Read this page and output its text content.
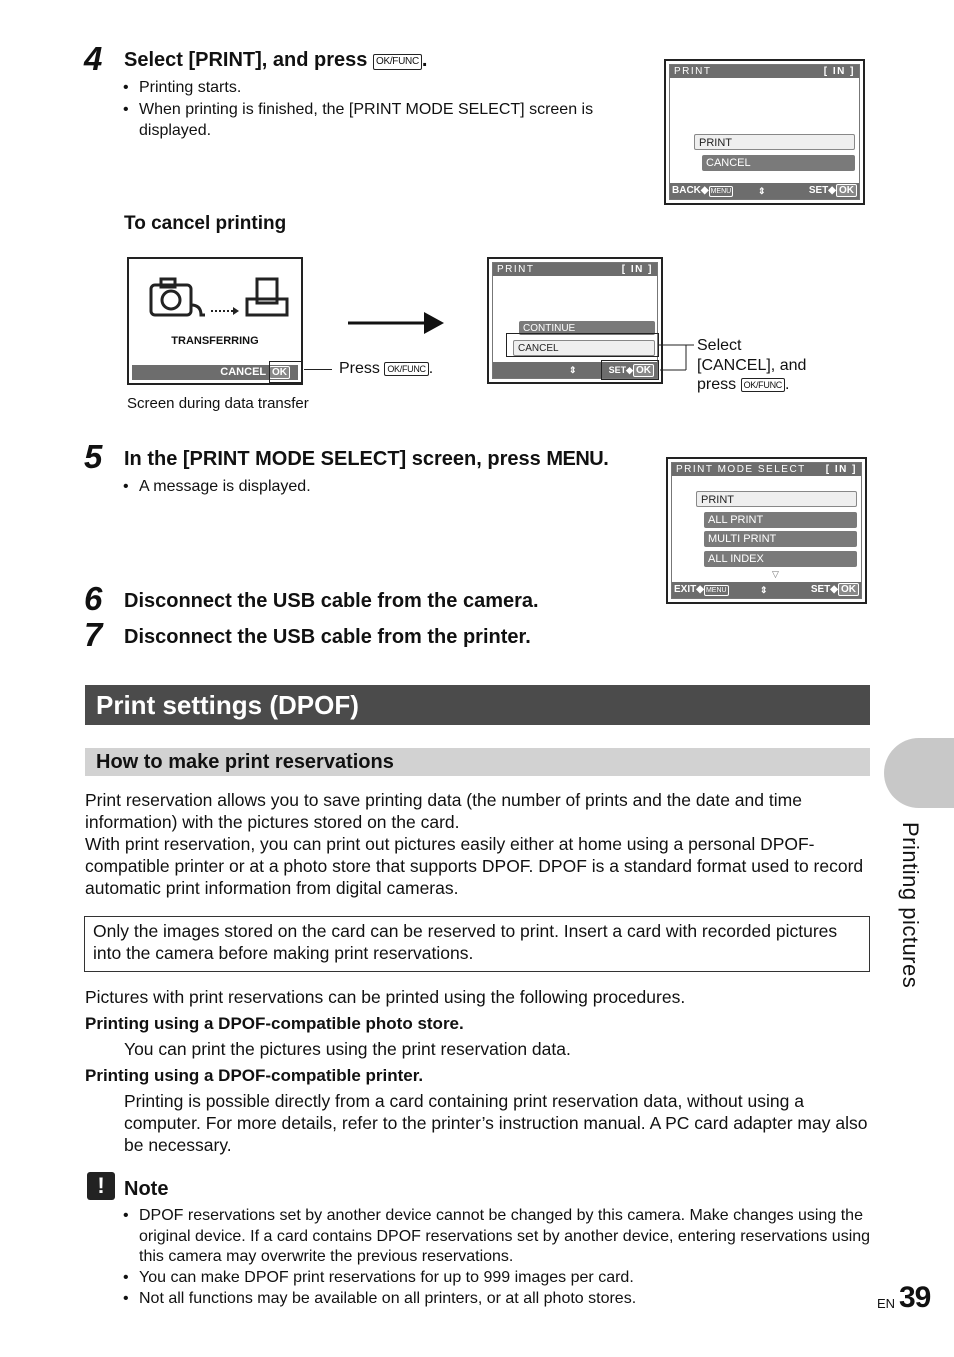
4 Select [PRINT], and press OK/FUNC .
• Printing starts.
• When printing is finished, the [PRINT MODE SELECT] screen is displayed.
PRINT	[ IN ]
PRINT
CANCEL
BACK◆ MENU	⇕	SET◆ OK
To cancel printing
TRANSFERRING
CANCEL OK	Press OK/FUNC .
Screen during data transfer
PRINT	[ IN ]
CONTINUE
CANCEL
⇕	SET◆ OK
Select
[CANCEL], and
press OK/FUNC .
5 In the [PRINT MODE SELECT] screen, press MENU.
• A message is displayed.
PRINT MODE SELECT [ IN ]
PRINT
ALL PRINT
MULTI PRINT
ALL INDEX
▽
EXIT◆ MENU	⇕	SET◆ OK
6 Disconnect the USB cable from the camera.
7 Disconnect the USB cable from the printer.
Print settings (DPOF)
How to make print reservations
Print reservation allows you to save printing data (the number of prints and the date and time information) with the pictures stored on the card.
With print reservation, you can print out pictures easily either at home using a personal DPOF-compatible printer or at a photo store that supports DPOF. DPOF is a standard format used to record automatic print information from digital cameras.
Only the images stored on the card can be reserved to print. Insert a card with recorded pictures into the camera before making print reservations.
Pictures with print reservations can be printed using the following procedures.
Printing using a DPOF-compatible photo store.
You can print the pictures using the print reservation data.
Printing using a DPOF-compatible printer.
Printing is possible directly from a card containing print reservation data, without using a computer. For more details, refer to the printer’s instruction manual. A PC card adapter may also be necessary.
! Note
• DPOF reservations set by another device cannot be changed by this camera. Make changes using the original device. If a card contains DPOF reservations set by another device, entering reservations using this camera may overwrite the previous reservations.
• You can make DPOF print reservations for up to 999 images per card.
• Not all functions may be available on all printers, or at all photo stores.
Printing pictures
EN 39
